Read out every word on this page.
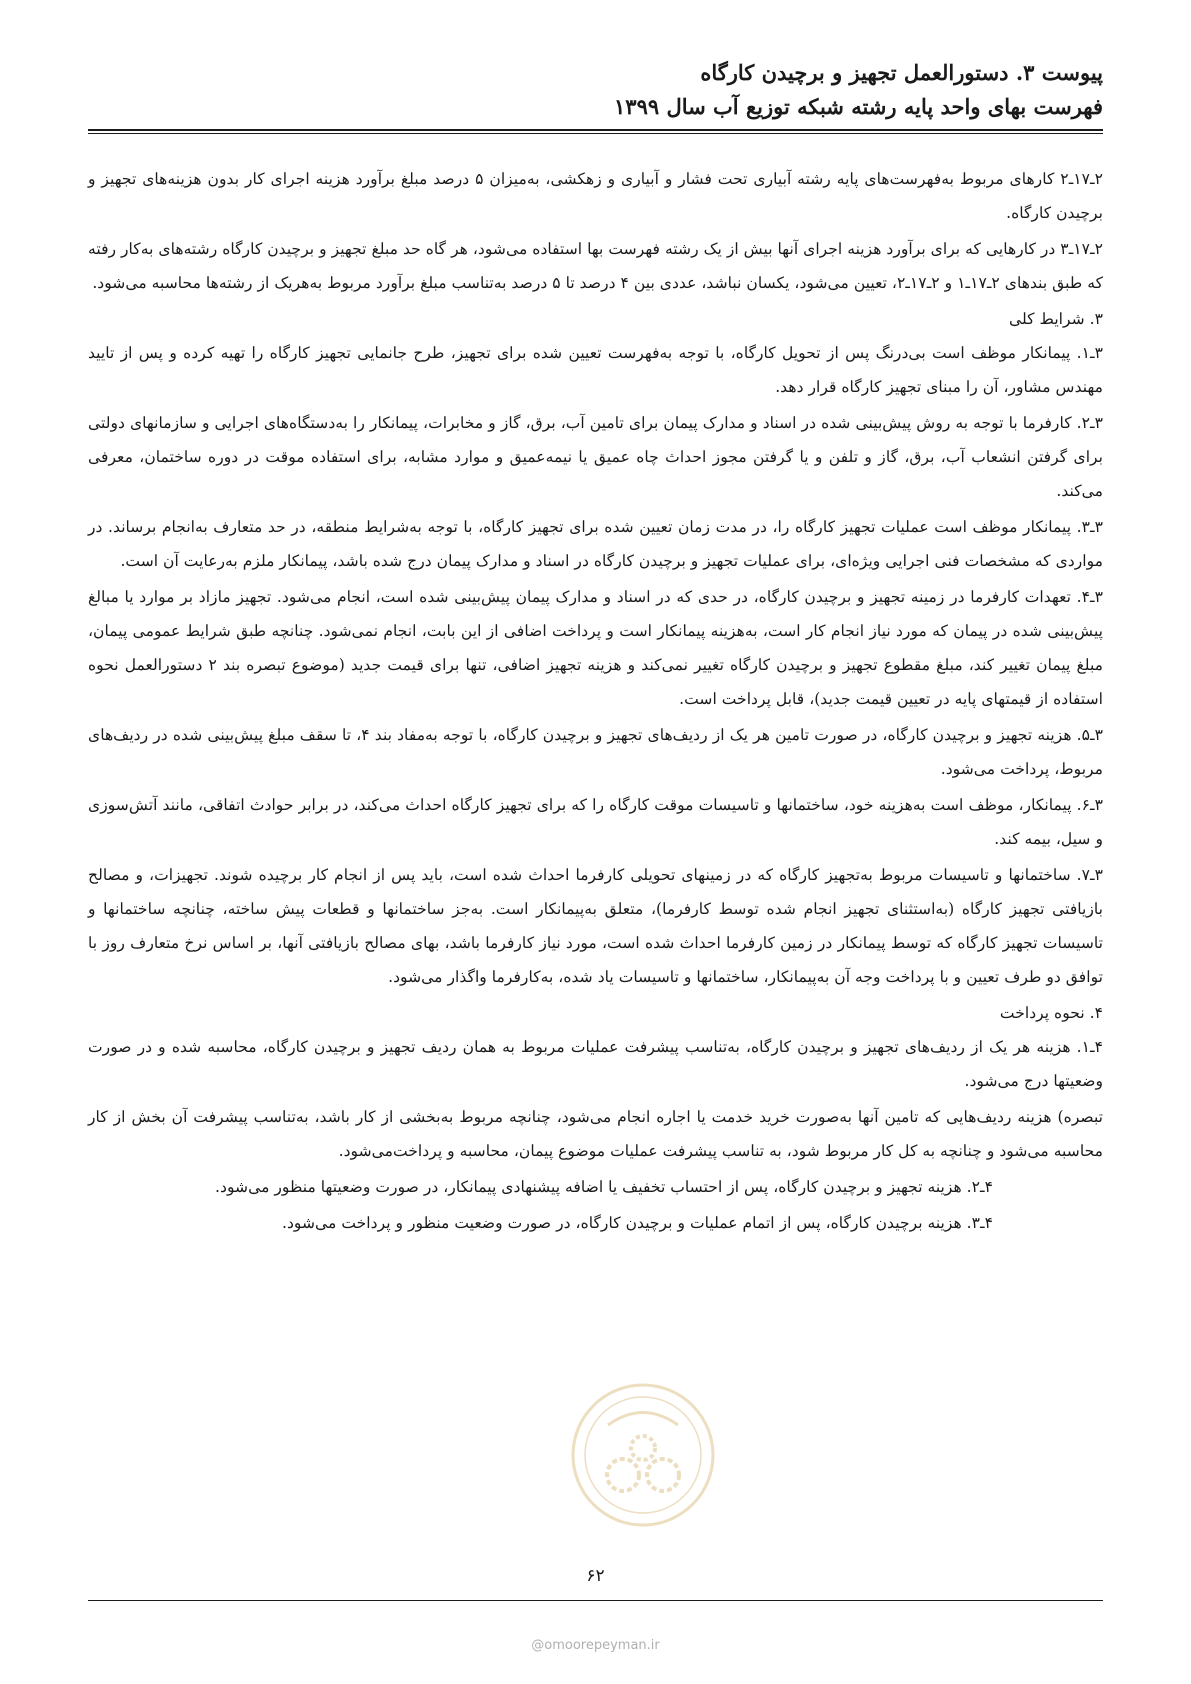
پیوست ۳. دستورالعمل تجهیز و برچیدن کارگاه
فهرست بهای واحد پایه رشته شبکه توزیع آب سال ۱۳۹۹

۲ـ۱۷ـ۲ کارهای مربوط به‌فهرست‌های پایه رشته آبیاری تحت فشار و آبیاری و زهکشی، به‌میزان ۵ درصد مبلغ برآورد هزینه اجرای کار بدون هزینه‌های تجهیز و برچیدن کارگاه.

۲ـ۱۷ـ۳ در کارهایی که برای برآورد هزینه اجرای آنها بیش از یک رشته فهرست بها استفاده می‌شود، هر گاه حد مبلغ تجهیز و برچیدن کارگاه رشته‌های به‌کار رفته که طبق بندهای ۲ـ۱۷ـ۱ و ۲ـ۱۷ـ۲، تعیین می‌شود، یکسان نباشد، عددی بین ۴ درصد تا ۵ درصد به‌تناسب مبلغ برآورد مربوط به‌هریک از رشته‌ها محاسبه می‌شود.

۳. شرایط کلی

۳ـ۱. پیمانکار موظف است بی‌درنگ پس از تحویل کارگاه، با توجه به‌فهرست تعیین شده برای تجهیز، طرح جانمایی تجهیز کارگاه را تهیه کرده و پس از تایید مهندس مشاور، آن را مبنای تجهیز کارگاه قرار دهد.

۳ـ۲. کارفرما با توجه به روش پیش‌بینی شده در اسناد و مدارک پیمان برای تامین آب، برق، گاز و مخابرات، پیمانکار را به‌دستگاه‌های اجرایی و سازمانهای دولتی برای گرفتن انشعاب آب، برق، گاز و تلفن و یا گرفتن مجوز احداث چاه عمیق یا نیمه‌عمیق و موارد مشابه، برای استفاده موقت در دوره ساختمان، معرفی می‌کند.

۳ـ۳. پیمانکار موظف است عملیات تجهیز کارگاه را، در مدت زمان تعیین شده برای تجهیز کارگاه، با توجه به‌شرایط منطقه، در حد متعارف به‌انجام برساند. در مواردی که مشخصات فنی اجرایی ویژه‌ای، برای عملیات تجهیز و برچیدن کارگاه در اسناد و مدارک پیمان درج شده باشد، پیمانکار ملزم به‌رعایت آن است.

۳ـ۴. تعهدات کارفرما در زمینه تجهیز و برچیدن کارگاه، در حدی که در اسناد و مدارک پیمان پیش‌بینی شده است، انجام می‌شود. تجهیز مازاد بر موارد یا مبالغ پیش‌بینی شده در پیمان که مورد نیاز انجام کار است، به‌هزینه پیمانکار است و پرداخت اضافی از این بابت، انجام نمی‌شود. چنانچه طبق شرایط عمومی پیمان، مبلغ پیمان تغییر کند، مبلغ مقطوع تجهیز و برچیدن کارگاه تغییر نمی‌کند و هزینه تجهیز اضافی، تنها برای قیمت جدید (موضوع تبصره بند ۲ دستورالعمل نحوه استفاده از قیمتهای پایه در تعیین قیمت جدید)، قابل پرداخت است.

۳ـ۵. هزینه تجهیز و برچیدن کارگاه، در صورت تامین هر یک از ردیف‌های تجهیز و برچیدن کارگاه، با توجه به‌مفاد بند ۴، تا سقف مبلغ پیش‌بینی شده در ردیف‌های مربوط، پرداخت می‌شود.

۳ـ۶. پیمانکار، موظف است به‌هزینه خود، ساختمانها و تاسیسات موقت کارگاه را که برای تجهیز کارگاه احداث می‌کند، در برابر حوادث اتفاقی، مانند آتش‌سوزی و سیل، بیمه کند.

۳ـ۷. ساختمانها و تاسیسات مربوط به‌تجهیز کارگاه که در زمینهای تحویلی کارفرما احداث شده است، باید پس از انجام کار برچیده شوند. تجهیزات، و مصالح بازیافتی تجهیز کارگاه (به‌استثنای تجهیز انجام شده توسط کارفرما)، متعلق به‌پیمانکار است. به‌جز ساختمانها و قطعات پیش ساخته، چنانچه ساختمانها و تاسیسات تجهیز کارگاه که توسط پیمانکار در زمین کارفرما احداث شده است، مورد نیاز کارفرما باشد، بهای مصالح بازیافتی آنها، بر اساس نرخ متعارف روز با توافق دو طرف تعیین و با پرداخت وجه آن به‌پیمانکار، ساختمانها و تاسیسات یاد شده، به‌کارفرما واگذار می‌شود.

۴. نحوه پرداخت

۴ـ۱. هزینه هر یک از ردیف‌های تجهیز و برچیدن کارگاه، به‌تناسب پیشرفت عملیات مربوط به همان ردیف تجهیز و برچیدن کارگاه، محاسبه شده و در صورت وضعیتها درج می‌شود.

تبصره) هزینه ردیف‌هایی که تامین آنها به‌صورت خرید خدمت یا اجاره انجام می‌شود، چنانچه مربوط به‌بخشی از کار باشد، به‌تناسب پیشرفت آن بخش از کار محاسبه می‌شود و چنانچه به کل کار مربوط شود، به تناسب پیشرفت عملیات موضوع پیمان، محاسبه و پرداخت‌می‌شود.

۴ـ۲. هزینه تجهیز و برچیدن کارگاه، پس از احتساب تخفیف یا اضافه پیشنهادی پیمانکار، در صورت وضعیتها منظور می‌شود.

۴ـ۳. هزینه برچیدن کارگاه، پس از اتمام عملیات و برچیدن کارگاه، در صورت وضعیت منظور و پرداخت می‌شود.

۶۲
@omoorepeyman.ir
